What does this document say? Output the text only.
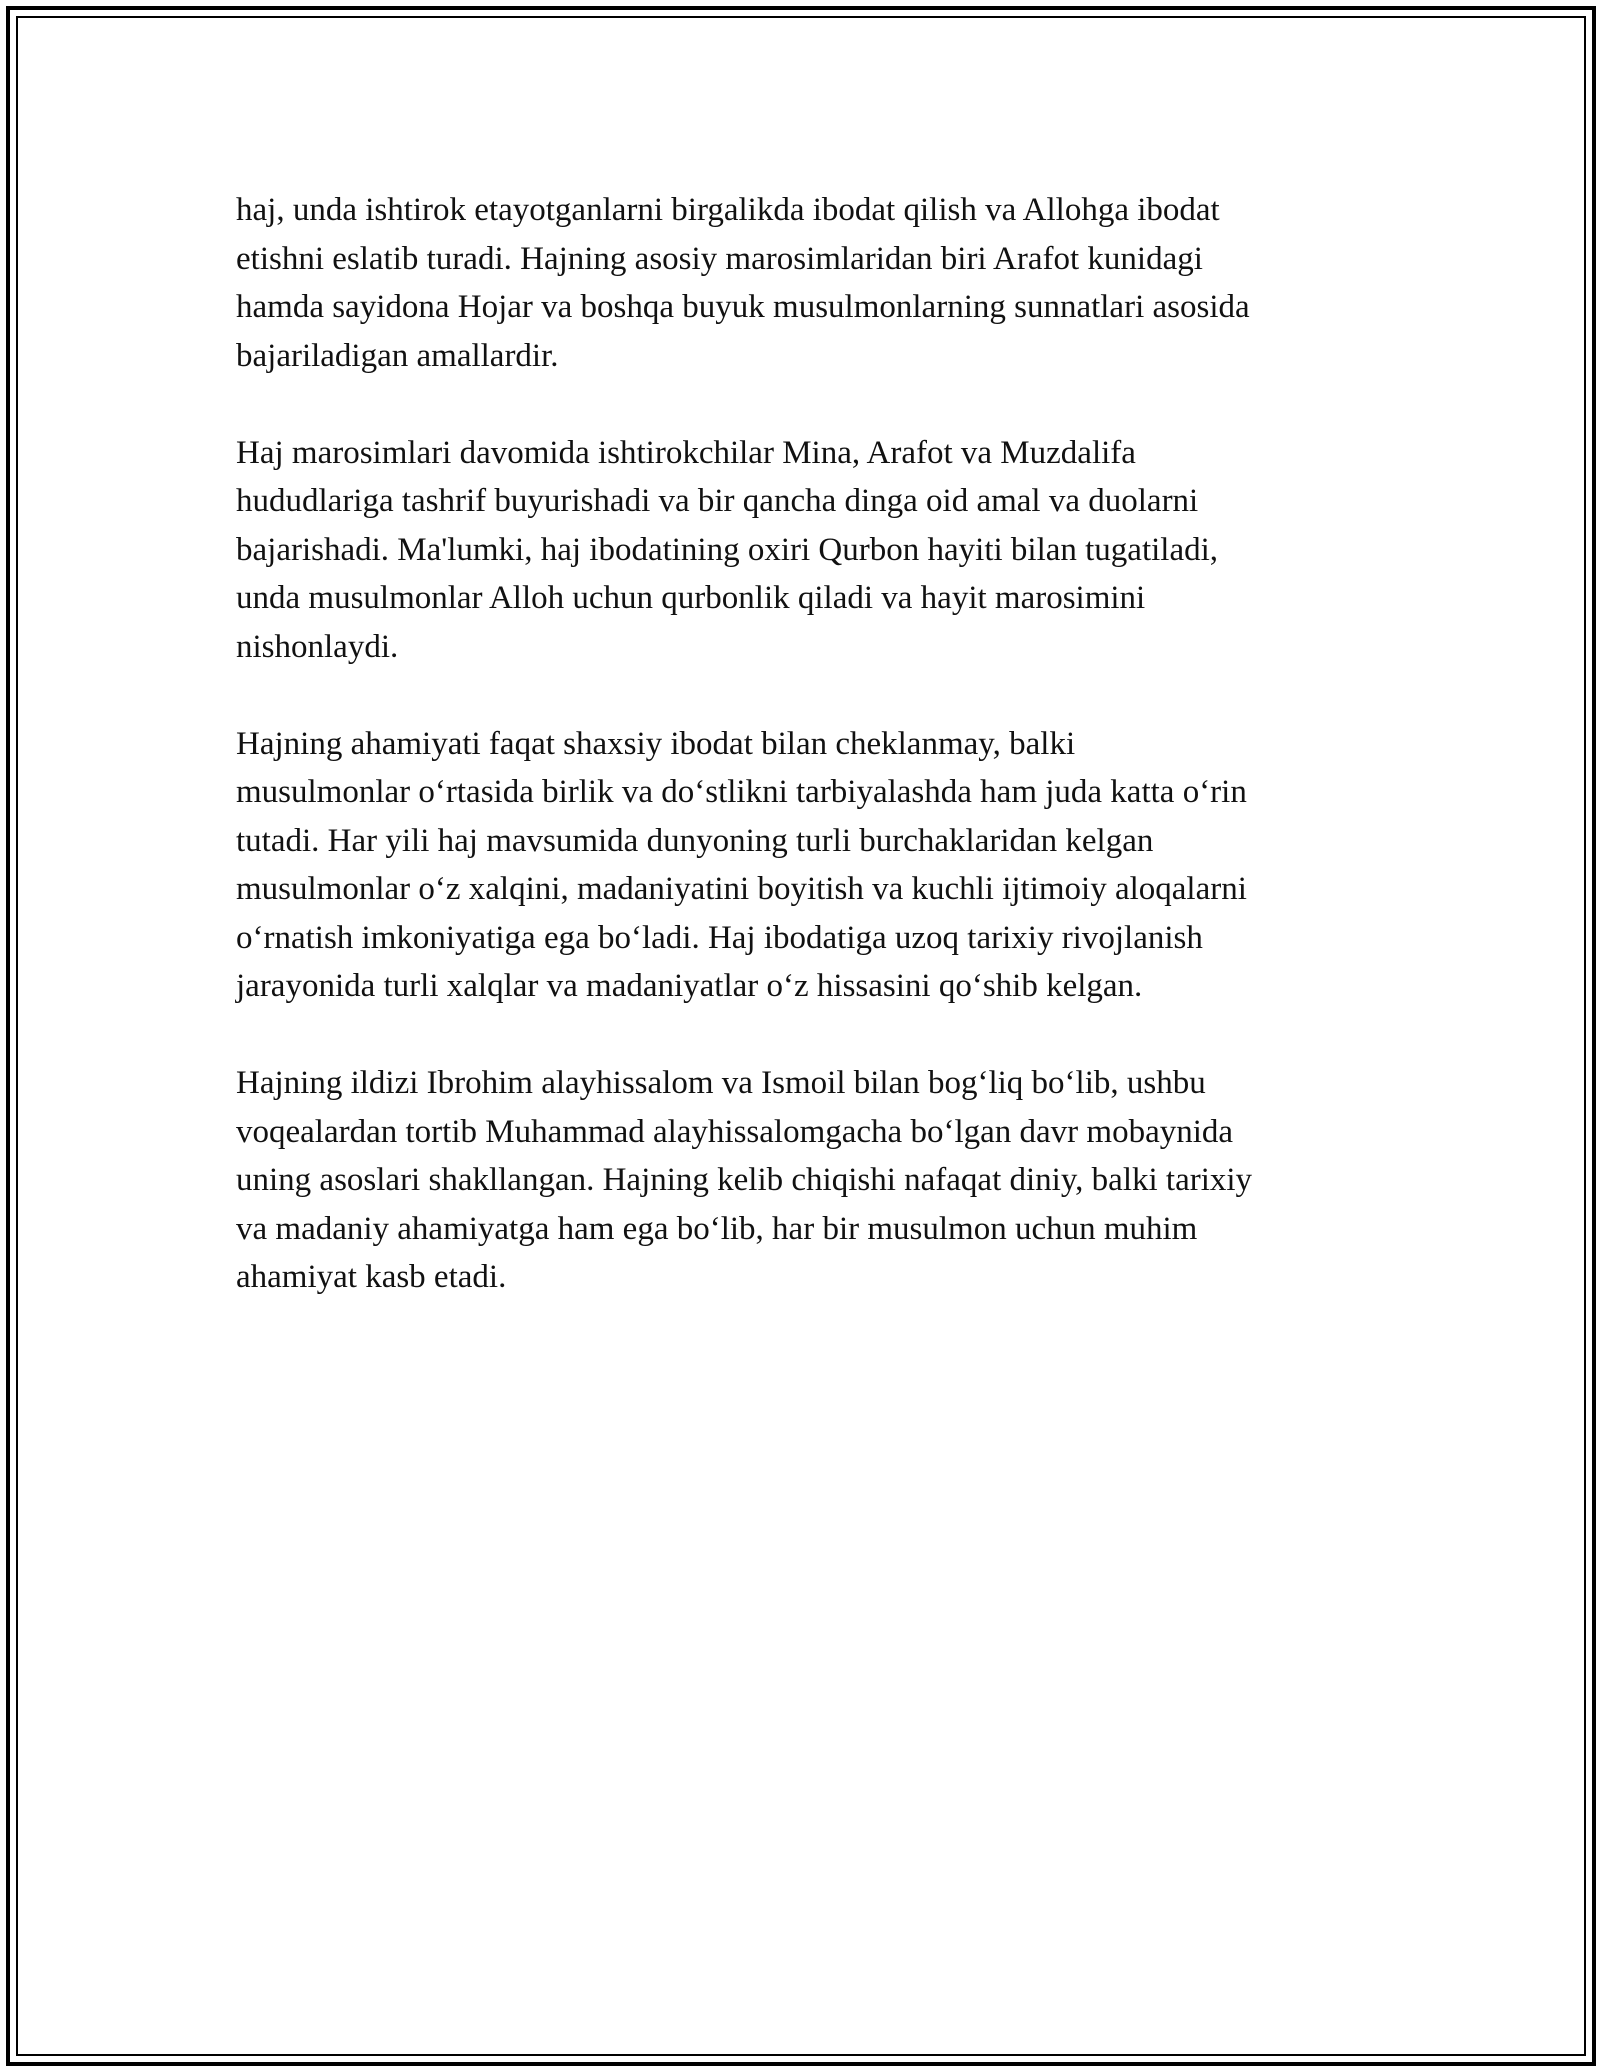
haj, unda ishtirok etayotganlarni birgalikda ibodat qilish va Allohga ibodat
etishni eslatib turadi. Hajning asosiy marosimlaridan biri Arafot kunidagi
hamda sayidona Hojar va boshqa buyuk musulmonlarning sunnatlari asosida
bajariladigan amallardir.

Haj marosimlari davomida ishtirokchilar Mina, Arafot va Muzdalifa
hududlariga tashrif buyurishadi va bir qancha dinga oid amal va duolarni
bajarishadi. Ma'lumki, haj ibodatining oxiri Qurbon hayiti bilan tugatiladi,
unda musulmonlar Alloh uchun qurbonlik qiladi va hayit marosimini
nishonlaydi.

Hajning ahamiyati faqat shaxsiy ibodat bilan cheklanmay, balki
musulmonlar o‘rtasida birlik va do‘stlikni tarbiyalashda ham juda katta o‘rin
tutadi. Har yili haj mavsumida dunyoning turli burchaklaridan kelgan
musulmonlar o‘z xalqini, madaniyatini boyitish va kuchli ijtimoiy aloqalarni
o‘rnatish imkoniyatiga ega bo‘ladi. Haj ibodatiga uzoq tarixiy rivojlanish
jarayonida turli xalqlar va madaniyatlar o‘z hissasini qo‘shib kelgan.

Hajning ildizi Ibrohim alayhissalom va Ismoil bilan bog‘liq bo‘lib, ushbu
voqealardan tortib Muhammad alayhissalomgacha bo‘lgan davr mobaynida
uning asoslari shakllangan. Hajning kelib chiqishi nafaqat diniy, balki tarixiy
va madaniy ahamiyatga ham ega bo‘lib, har bir musulmon uchun muhim
ahamiyat kasb etadi.
